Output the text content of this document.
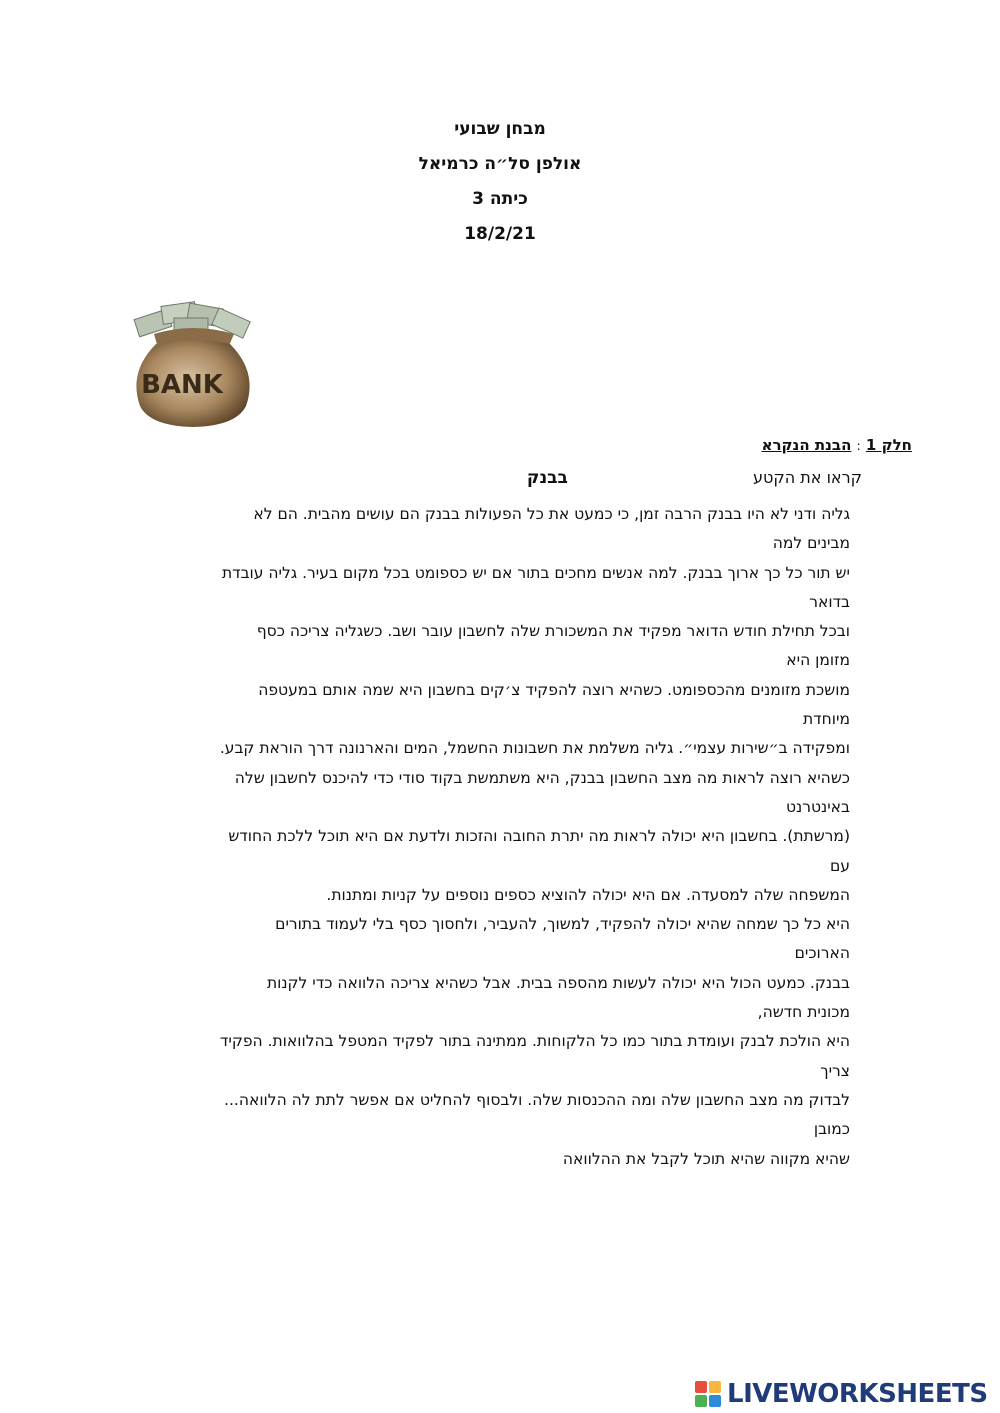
מבחן שבועי
אולפן סל״ה כרמיאל
כיתה 3
18/2/21
BANK
חלק 1 : הבנת הנקרא
קראו את הקטע בבנק
גליה ודני לא היו בבנק הרבה זמן, כי כמעט את כל הפעולות בבנק הם עושים מהבית. הם לא
מבינים למה
יש תור כל כך ארוך בבנק. למה אנשים מחכים בתור אם יש כספומט בכל מקום בעיר. גליה עובדת
בדואר
ובכל תחילת חודש הדואר מפקיד את המשכורת שלה לחשבון עובר ושב. כשגליה צריכה כסף
מזומן היא
מושכת מזומנים מהכספומט. כשהיא רוצה להפקיד צ׳קים בחשבון היא שמה אותם במעטפה
מיוחדת
ומפקידה ב״שירות עצמי״. גליה משלמת את חשבונות החשמל, המים והארנונה דרך הוראת קבע.
כשהיא רוצה לראות מה מצב החשבון בבנק, היא משתמשת בקוד סודי כדי להיכנס לחשבון שלה
באינטרנט
(מרשתת). בחשבון היא יכולה לראות מה יתרת החובה והזכות ולדעת אם היא תוכל ללכת החודש
עם
המשפחה שלה למסעדה. אם היא יכולה להוציא כספים נוספים על קניות ומתנות.
היא כל כך שמחה שהיא יכולה להפקיד, למשוך, להעביר, ולחסוך כסף בלי לעמוד בתורים
הארוכים
בבנק. כמעט הכול היא יכולה לעשות מהספה בבית. אבל כשהיא צריכה הלוואה כדי לקנות
מכונית חדשה,
היא הולכת לבנק ועומדת בתור כמו כל הלקוחות. ממתינה בתור לפקיד המטפל בהלוואות. הפקיד
צריך
לבדוק מה מצב החשבון שלה ומה ההכנסות שלה. ולבסוף להחליט אם אפשר לתת לה הלוואה...
כמובן
שהיא מקווה שהיא תוכל לקבל את ההלוואה
LIVEWORKSHEETS
